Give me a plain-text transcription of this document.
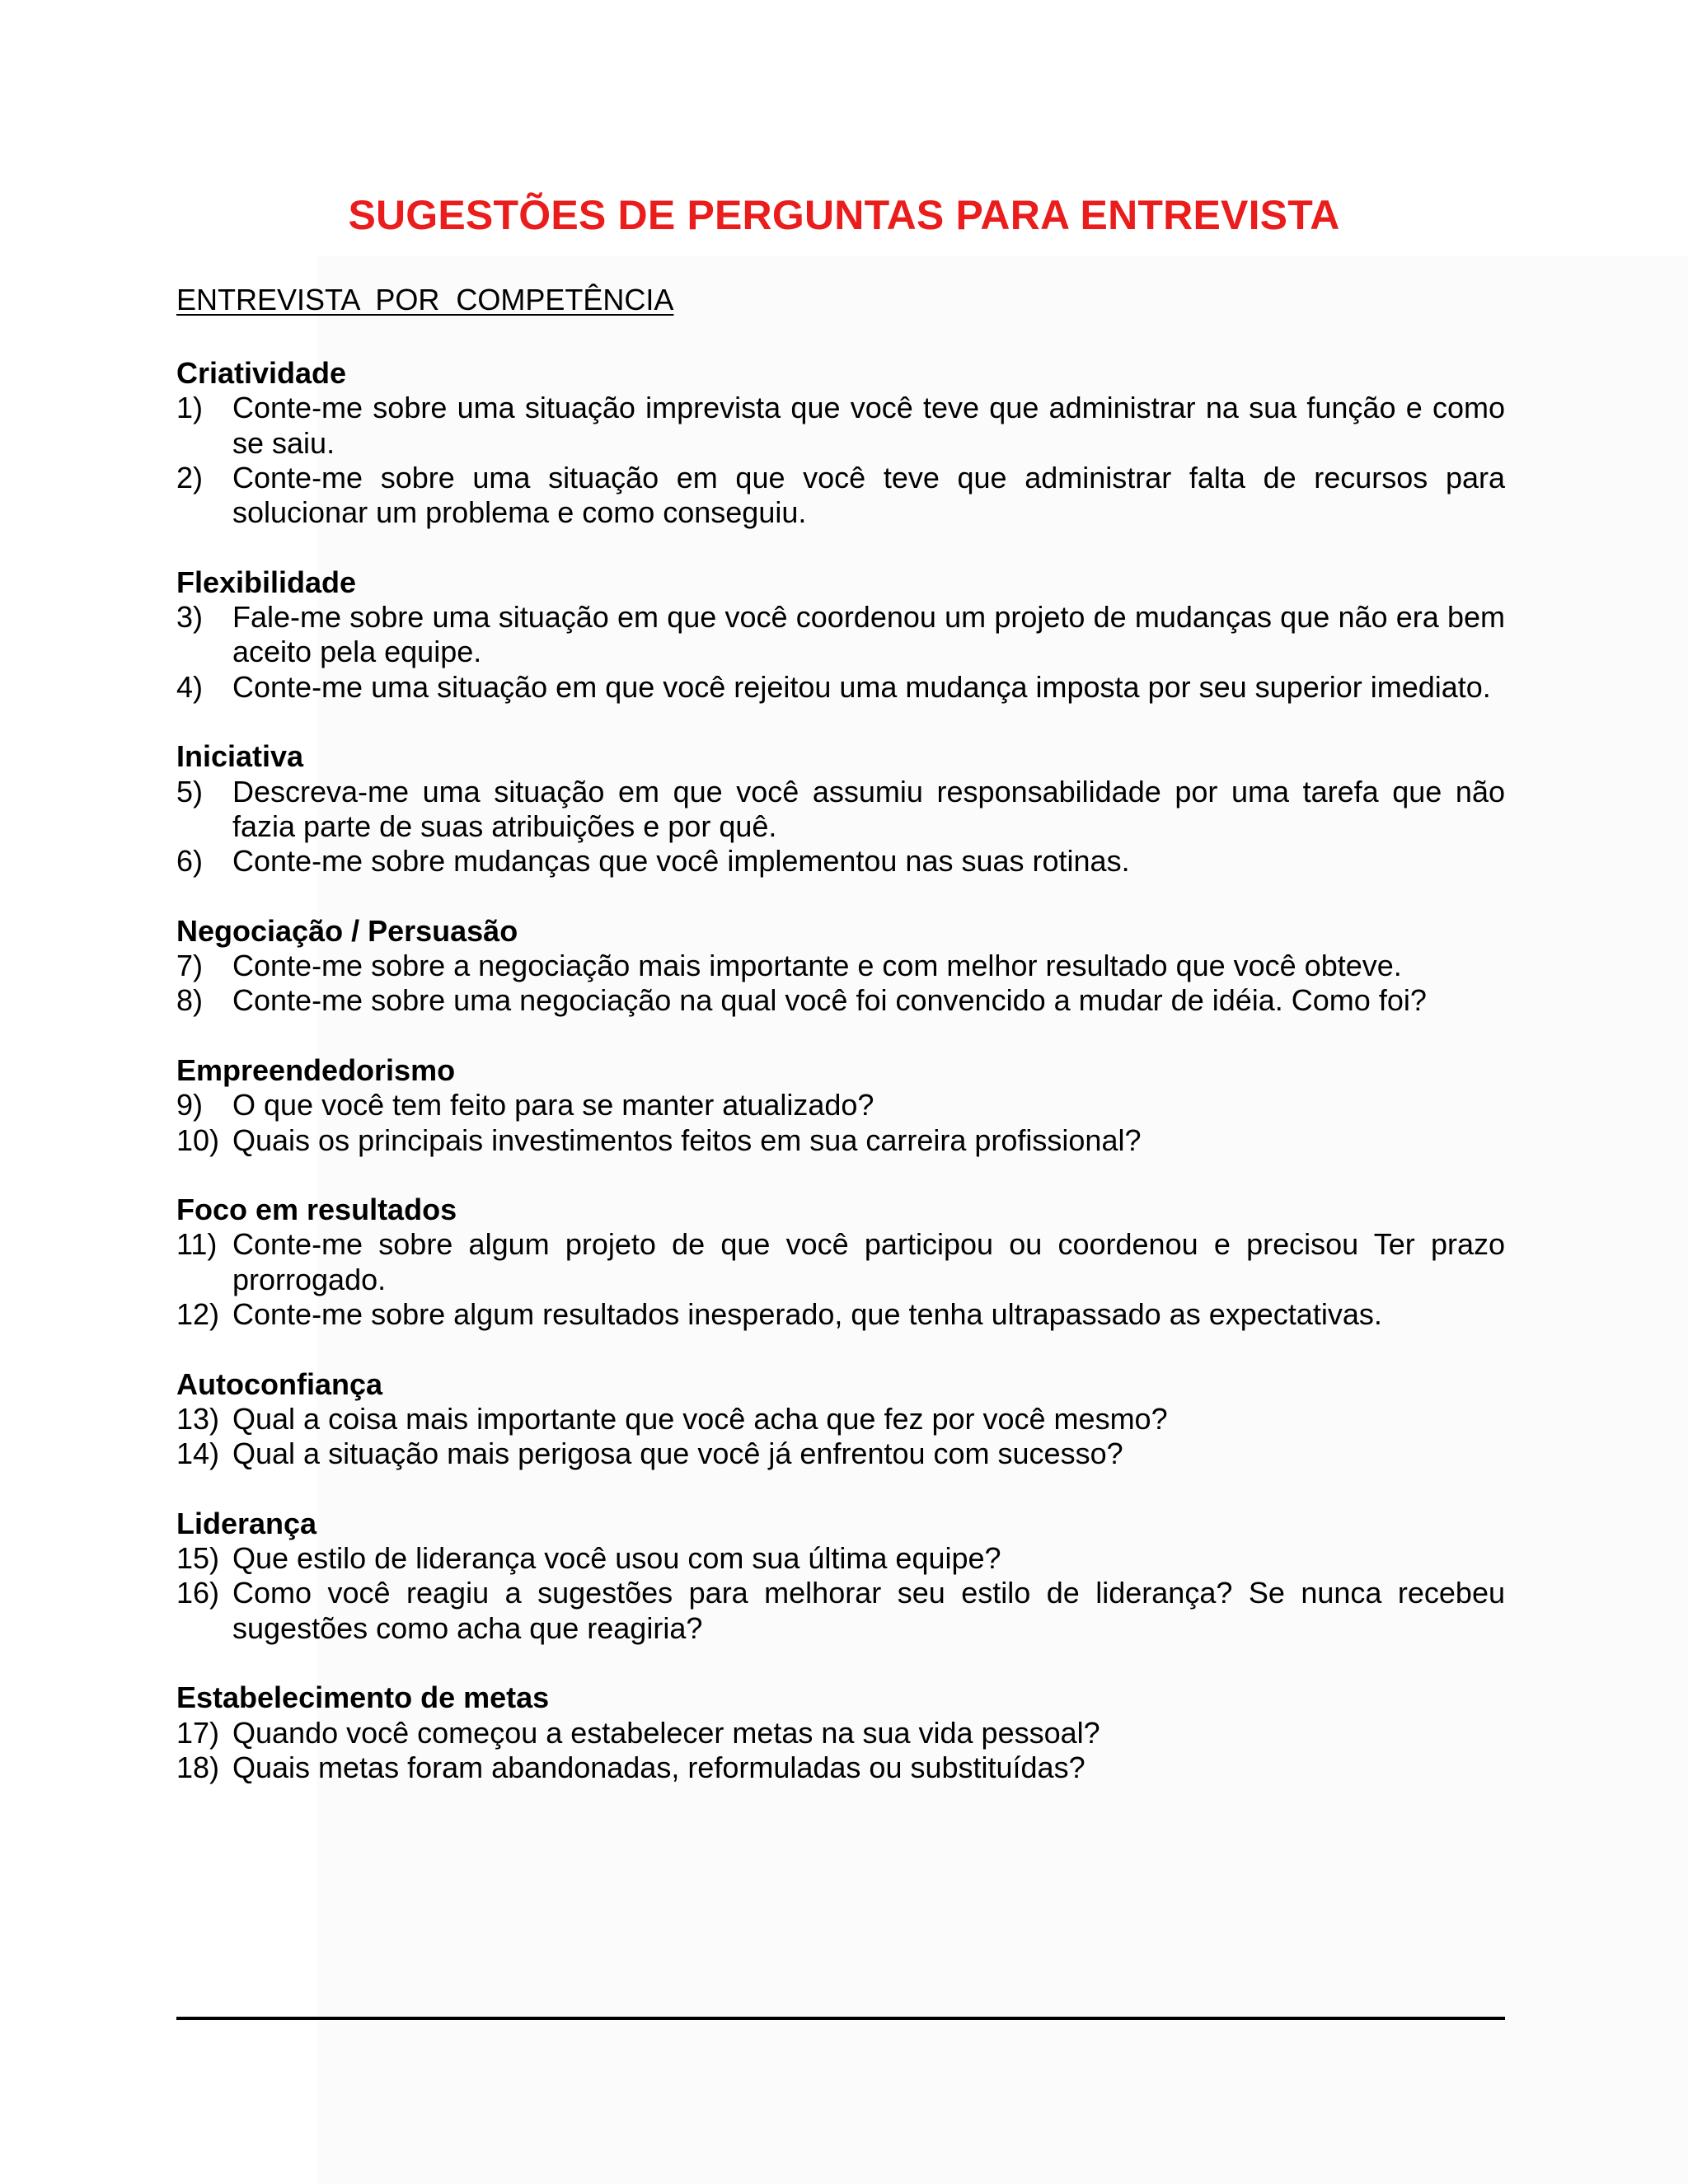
SUGESTÕES DE PERGUNTAS PARA ENTREVISTA
ENTREVISTA  POR  COMPETÊNCIA
Criatividade
1) Conte-me sobre uma situação imprevista que você teve que administrar na sua função e como se saiu.
2) Conte-me sobre uma situação em que você teve que administrar falta de recursos para solucionar um problema e como conseguiu.
Flexibilidade
3) Fale-me sobre uma situação em que você coordenou um projeto de mudanças que não era bem aceito pela equipe.
4) Conte-me uma situação em que você rejeitou uma mudança imposta por seu superior imediato.
Iniciativa
5) Descreva-me uma situação em que você assumiu responsabilidade por uma tarefa que não fazia parte de suas atribuições e por quê.
6) Conte-me sobre mudanças que você implementou nas suas rotinas.
Negociação / Persuasão
7) Conte-me sobre a negociação mais importante e com melhor resultado que você obteve.
8) Conte-me sobre uma negociação na qual você foi convencido a mudar de idéia. Como foi?
Empreendedorismo
9) O que você tem feito para se manter atualizado?
10) Quais os principais investimentos feitos em sua carreira profissional?
Foco em resultados
11) Conte-me sobre algum projeto de que você participou ou coordenou e precisou Ter prazo prorrogado.
12) Conte-me sobre algum resultados inesperado, que tenha ultrapassado as expectativas.
Autoconfiança
13) Qual a coisa mais importante que você acha que fez por você mesmo?
14) Qual a situação mais perigosa que você já enfrentou com sucesso?
Liderança
15) Que estilo de liderança você usou com sua última equipe?
16) Como você reagiu a sugestões para melhorar seu estilo de liderança? Se nunca recebeu sugestões como acha que reagiria?
Estabelecimento de metas
17) Quando você começou a estabelecer metas na sua vida pessoal?
18) Quais metas foram abandonadas, reformuladas ou substituídas?
